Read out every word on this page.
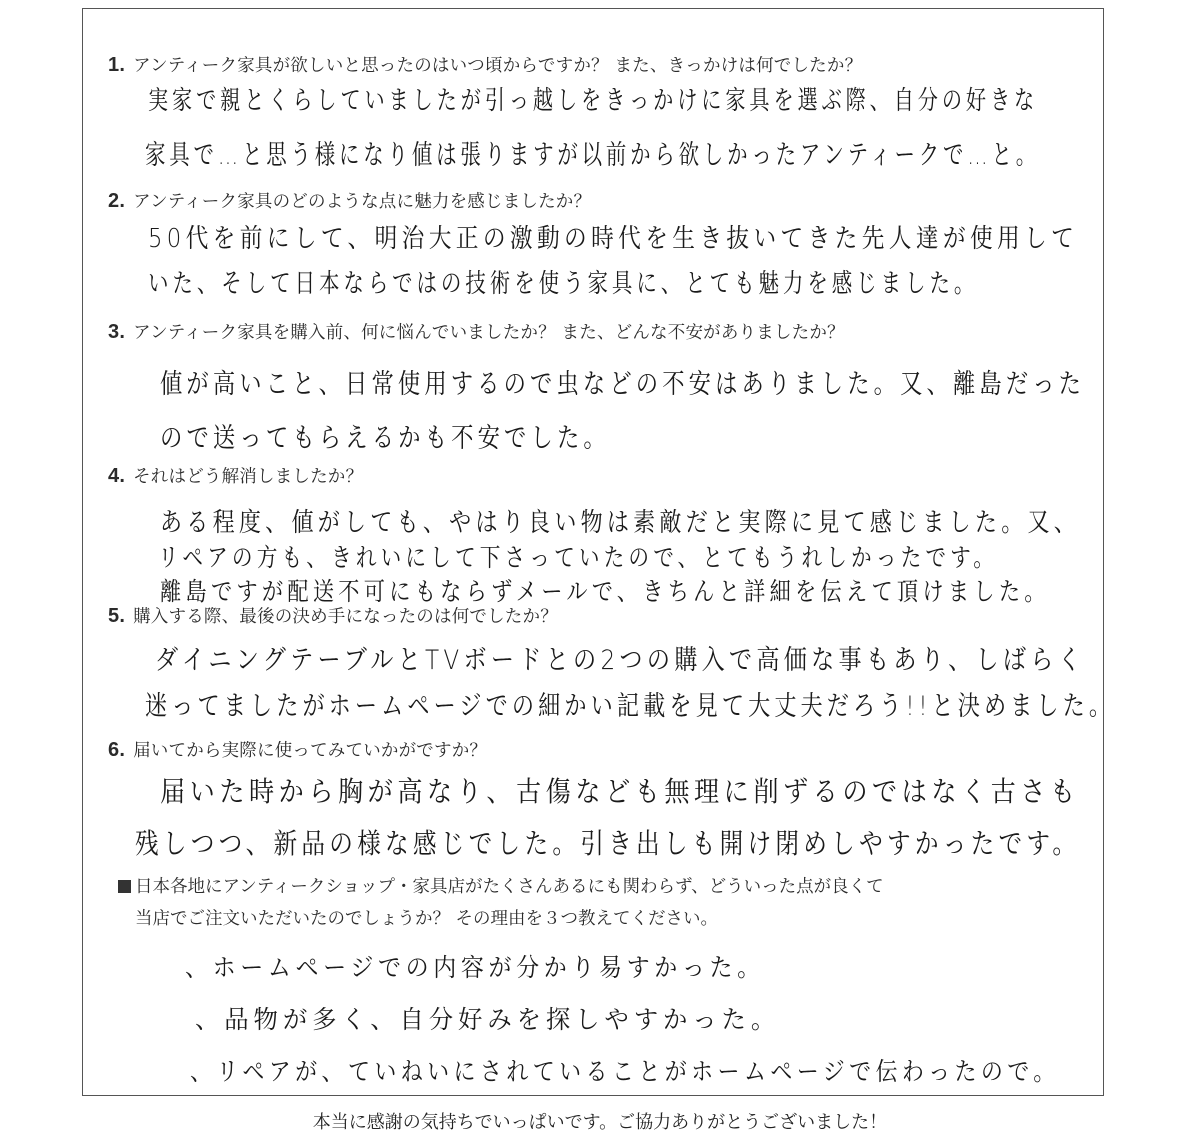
1. アンティーク家具が欲しいと思ったのはいつ頃からですか？ また、きっかけは何でしたか？
実家で親とくらしていましたが引っ越しをきっかけに家具を選ぶ際、自分の好きな
家具で…と思う様になり値は張りますが以前から欲しかったアンティークで…と。
2. アンティーク家具のどのような点に魅力を感じましたか？
50代を前にして、明治大正の激動の時代を生き抜いてきた先人達が使用して
いた、そして日本ならではの技術を使う家具に、とても魅力を感じました。
3. アンティーク家具を購入前、何に悩んでいましたか？ また、どんな不安がありましたか？
値が高いこと、日常使用するので虫などの不安はありました。又、離島だった
ので送ってもらえるかも不安でした。
4. それはどう解消しましたか？
ある程度、値がしても、やはり良い物は素敵だと実際に見て感じました。又、
リペアの方も、きれいにして下さっていたので、とてもうれしかったです。
離島ですが配送不可にもならずメールで、きちんと詳細を伝えて頂けました。
5. 購入する際、最後の決め手になったのは何でしたか？
ダイニングテーブルとTVボードとの2つの購入で高価な事もあり、しばらく
迷ってましたがホームページでの細かい記載を見て大丈夫だろう!!と決めました。
6. 届いてから実際に使ってみていかがですか？
届いた時から胸が高なり、古傷なども無理に削ずるのではなく古さも
残しつつ、新品の様な感じでした。引き出しも開け閉めしやすかったです。
日本各地にアンティークショップ・家具店がたくさんあるにも関わらず、どういった点が良くて
当店でご注文いただいたのでしょうか？ その理由を３つ教えてください。
、ホームページでの内容が分かり易すかった。
、品物が多く、自分好みを探しやすかった。
、リペアが、ていねいにされていることがホームページで伝わったので。
本当に感謝の気持ちでいっぱいです。ご協力ありがとうございました！
